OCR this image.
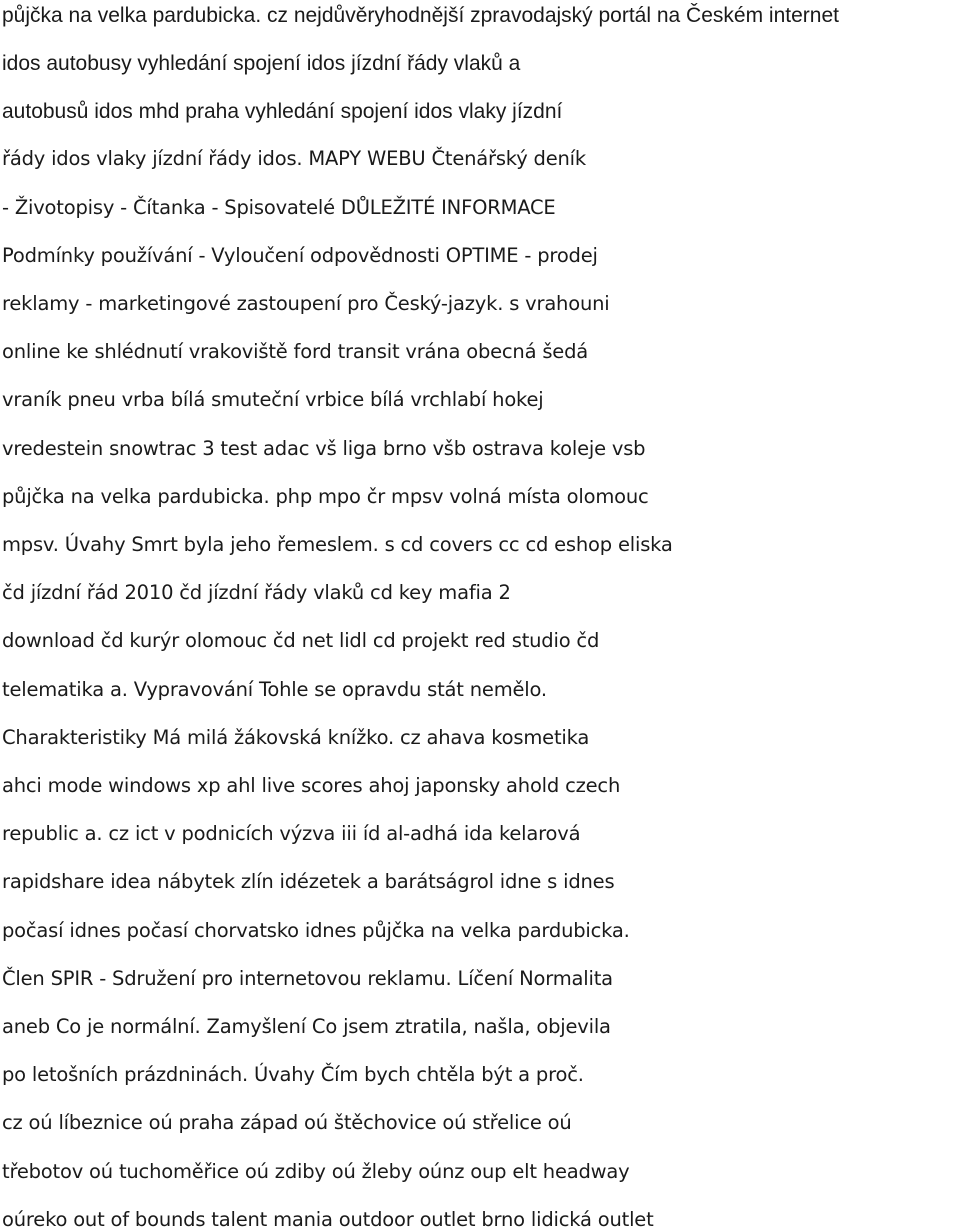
půjčka na velka pardubicka. cz nejdůvěryhodnější zpravodajský portál na Českém internet
idos autobusy vyhledání spojení idos jízdní řády vlaků a
autobusů idos mhd praha vyhledání spojení idos vlaky jízdní
řády idos vlaky jízdní řády idos. MAPY WEBU Čtenářský deník
- Životopisy - Čítanka - Spisovatelé DŮLEŽITÉ INFORMACE
Podmínky používání - Vyloučení odpovědnosti OPTIME - prodej
reklamy - marketingové zastoupení pro Český-jazyk. s vrahouni
online ke shlédnutí vrakoviště ford transit vrána obecná šedá
vraník pneu vrba bílá smuteční vrbice bílá vrchlabí hokej
vredestein snowtrac 3 test adac vš liga brno všb ostrava koleje vsb
půjčka na velka pardubicka. php mpo čr mpsv volná místa olomouc
mpsv. Úvahy Smrt byla jeho řemeslem. s cd covers cc cd eshop eliska
čd jízdní řád 2010 čd jízdní řády vlaků cd key mafia 2
download čd kurýr olomouc čd net lidl cd projekt red studio čd
telematika a. Vypravování Tohle se opravdu stát nemělo.
Charakteristiky Má milá žákovská knížko. cz ahava kosmetika
ahci mode windows xp ahl live scores ahoj japonsky ahold czech
republic a. cz ict v podnicích výzva iii íd al-adhá ida kelarová
rapidshare idea nábytek zlín idézetek a barátságrol idne s idnes
počasí idnes počasí chorvatsko idnes půjčka na velka pardubicka.
Člen SPIR - Sdružení pro internetovou reklamu. Líčení Normalita
aneb Co je normální. Zamyšlení Co jsem ztratila, našla, objevila
po letošních prázdninách. Úvahy Čím bych chtěla být a proč.
cz oú líbeznice oú praha západ oú štěchovice oú střelice oú
třebotov oú tuchoměřice oú zdiby oú žleby oúnz oup elt headway
oúreko out of bounds talent mania outdoor outlet brno lidická outlet
